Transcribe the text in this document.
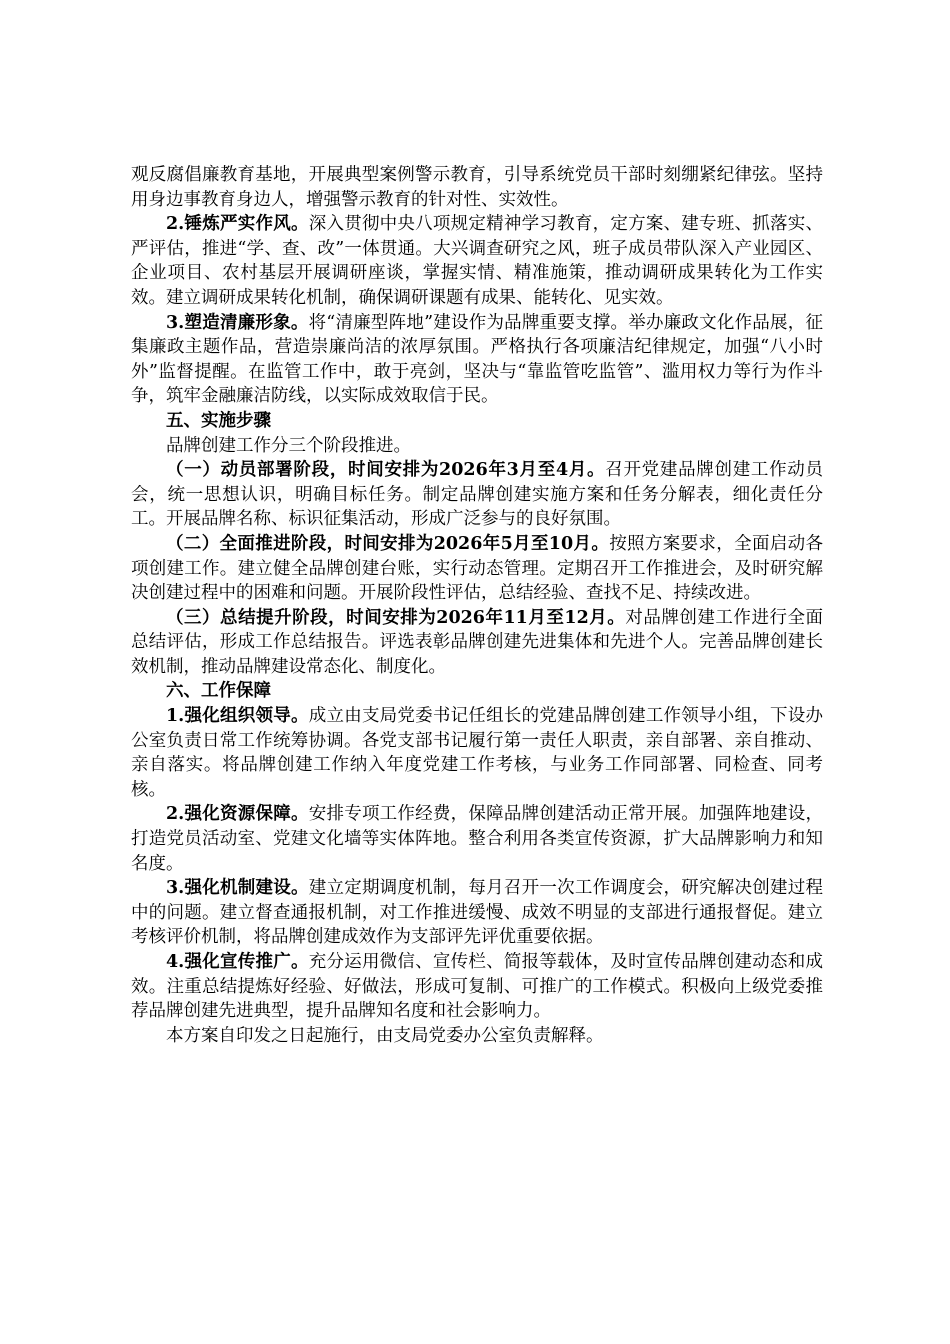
观反腐倡廉教育基地，开展典型案例警示教育，引导系统党员干部时刻绷紧纪律弦。坚持用身边事教育身边人，增强警示教育的针对性、实效性。

2.锤炼严实作风。深入贯彻中央八项规定精神学习教育，定方案、建专班、抓落实、严评估，推进“学、查、改”一体贯通。大兴调查研究之风，班子成员带队深入产业园区、企业项目、农村基层开展调研座谈，掌握实情、精准施策，推动调研成果转化为工作实效。建立调研成果转化机制，确保调研课题有成果、能转化、见实效。

3.塑造清廉形象。将“清廉型阵地”建设作为品牌重要支撑。举办廉政文化作品展，征集廉政主题作品，营造崇廉尚洁的浓厚氛围。严格执行各项廉洁纪律规定，加强“八小时外”监督提醒。在监管工作中，敢于亮剑，坚决与“靠监管吃监管”、滥用权力等行为作斗争，筑牢金融廉洁防线，以实际成效取信于民。

五、实施步骤

品牌创建工作分三个阶段推进。

（一）动员部署阶段，时间安排为2026年3月至4月。召开党建品牌创建工作动员会，统一思想认识，明确目标任务。制定品牌创建实施方案和任务分解表，细化责任分工。开展品牌名称、标识征集活动，形成广泛参与的良好氛围。

（二）全面推进阶段，时间安排为2026年5月至10月。按照方案要求，全面启动各项创建工作。建立健全品牌创建台账，实行动态管理。定期召开工作推进会，及时研究解决创建过程中的困难和问题。开展阶段性评估，总结经验、查找不足、持续改进。

（三）总结提升阶段，时间安排为2026年11月至12月。对品牌创建工作进行全面总结评估，形成工作总结报告。评选表彰品牌创建先进集体和先进个人。完善品牌创建长效机制，推动品牌建设常态化、制度化。

六、工作保障

1.强化组织领导。成立由支局党委书记任组长的党建品牌创建工作领导小组，下设办公室负责日常工作统筹协调。各党支部书记履行第一责任人职责，亲自部署、亲自推动、亲自落实。将品牌创建工作纳入年度党建工作考核，与业务工作同部署、同检查、同考核。

2.强化资源保障。安排专项工作经费，保障品牌创建活动正常开展。加强阵地建设，打造党员活动室、党建文化墙等实体阵地。整合利用各类宣传资源，扩大品牌影响力和知名度。

3.强化机制建设。建立定期调度机制，每月召开一次工作调度会，研究解决创建过程中的问题。建立督查通报机制，对工作推进缓慢、成效不明显的支部进行通报督促。建立考核评价机制，将品牌创建成效作为支部评先评优重要依据。

4.强化宣传推广。充分运用微信、宣传栏、简报等载体，及时宣传品牌创建动态和成效。注重总结提炼好经验、好做法，形成可复制、可推广的工作模式。积极向上级党委推荐品牌创建先进典型，提升品牌知名度和社会影响力。

本方案自印发之日起施行，由支局党委办公室负责解释。
